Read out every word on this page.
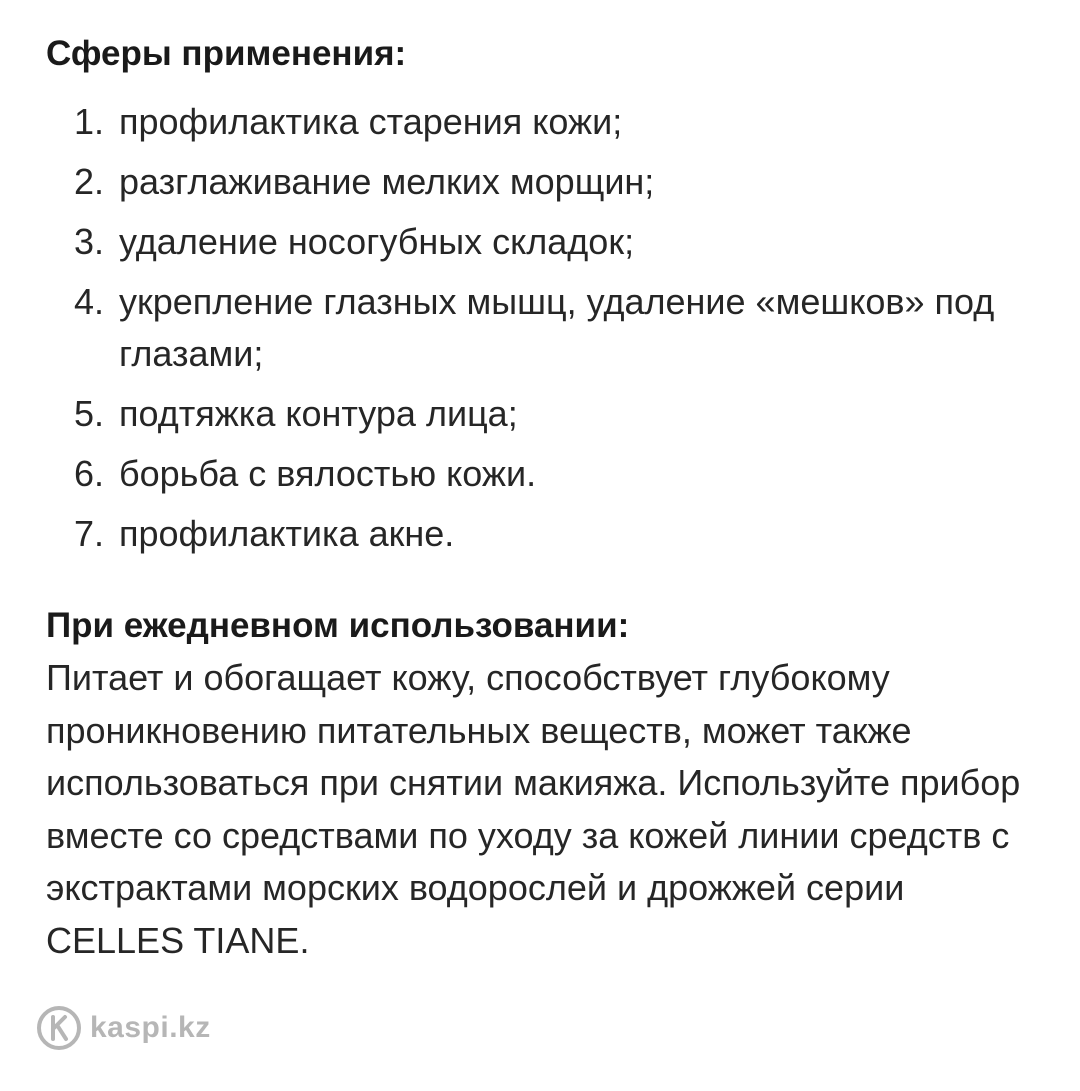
Сферы применения:
1. профилактика старения кожи;
2. разглаживание мелких морщин;
3. удаление носогубных складок;
4. укрепление глазных мышц, удаление «мешков» под глазами;
5. подтяжка контура лица;
6. борьба с вялостью кожи.
7. профилактика акне.
При ежедневном использовании:

Питает и обогащает кожу, способствует глубокому проникновению питательных веществ, может также использоваться при снятии макияжа. Используйте прибор вместе со средствами по уходу за кожей линии средств с экстрактами морских водорослей и дрожжей серии CELLES TIANE.

kaspi.kz
